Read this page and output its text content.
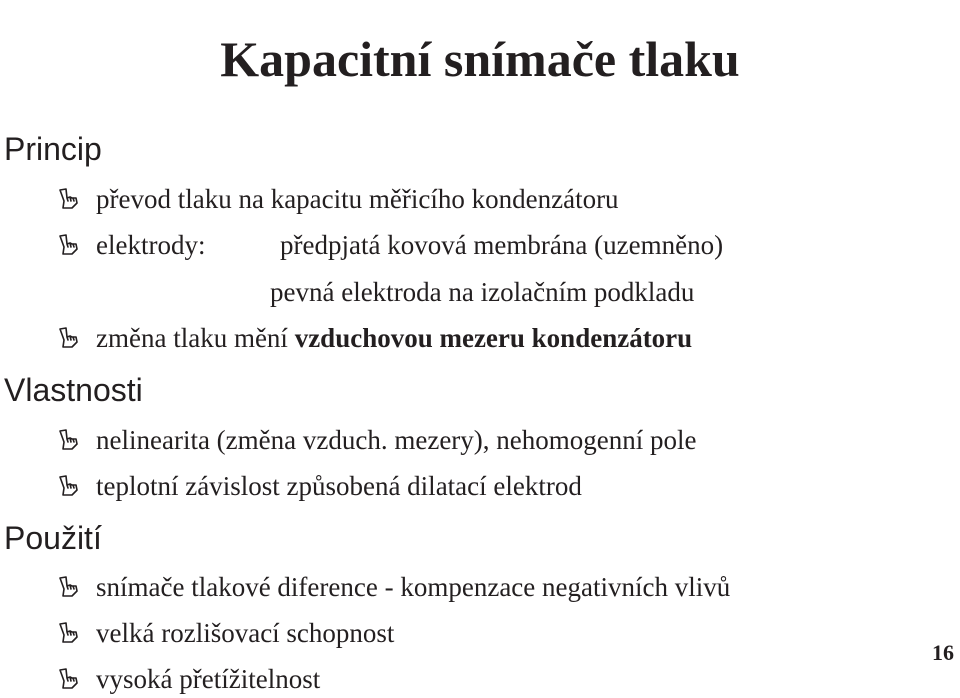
Kapacitní snímače tlaku
Princip
převod tlaku na kapacitu měřicího kondenzátoru
elektrody:	předpjatá kovová membrána (uzemněno)
pevná elektroda na izolačním podkladu
změna tlaku mění vzduchovou mezeru kondenzátoru
Vlastnosti
nelinearita (změna vzduch. mezery), nehomogenní pole
teplotní závislost způsobená dilatací elektrod
Použití
snímače tlakové diference - kompenzace negativních vlivů
velká rozlišovací schopnost
vysoká přetížitelnost
16
